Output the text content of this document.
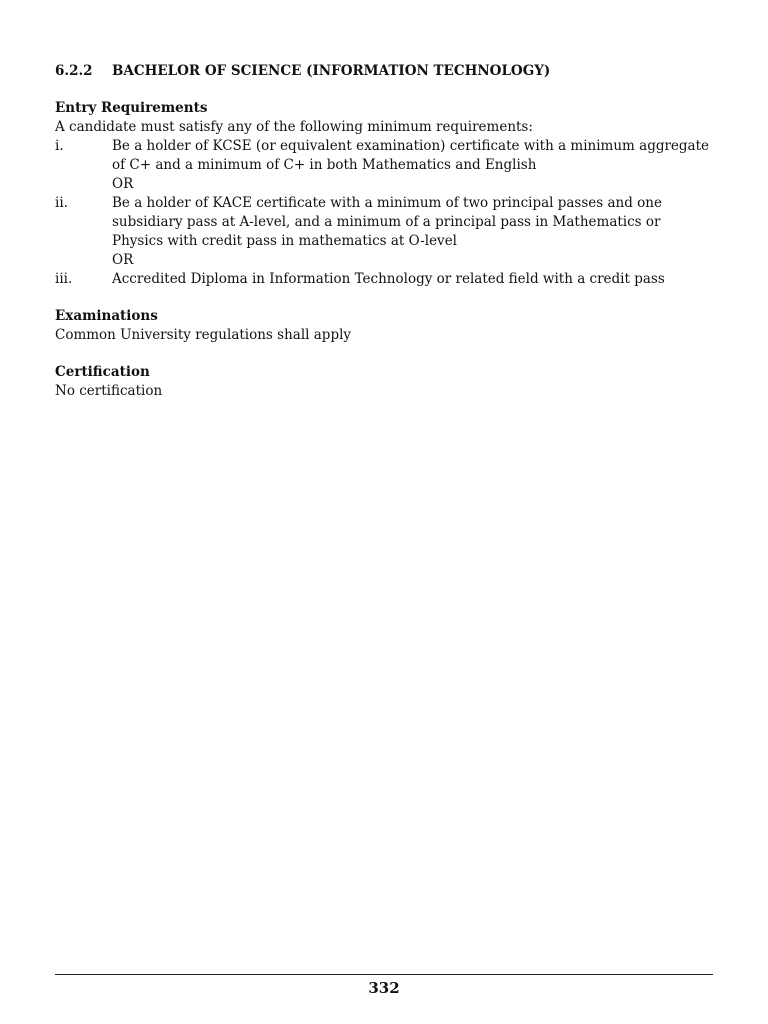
6.2.2	BACHELOR OF SCIENCE (INFORMATION TECHNOLOGY)
Entry Requirements
A candidate must satisfy any of the following minimum requirements:
i.	Be a holder of KCSE (or equivalent examination) certificate with a minimum aggregate
of C+ and a minimum of C+ in both Mathematics and English
OR
ii.	Be a holder of KACE certificate with a minimum of two principal passes and one
subsidiary pass at A-level, and a minimum of a principal pass in Mathematics or
Physics with credit pass in mathematics at O-level
OR
iii.	Accredited Diploma in Information Technology or related field with a credit pass
Examinations
Common University regulations shall apply
Certification
No certification
332
